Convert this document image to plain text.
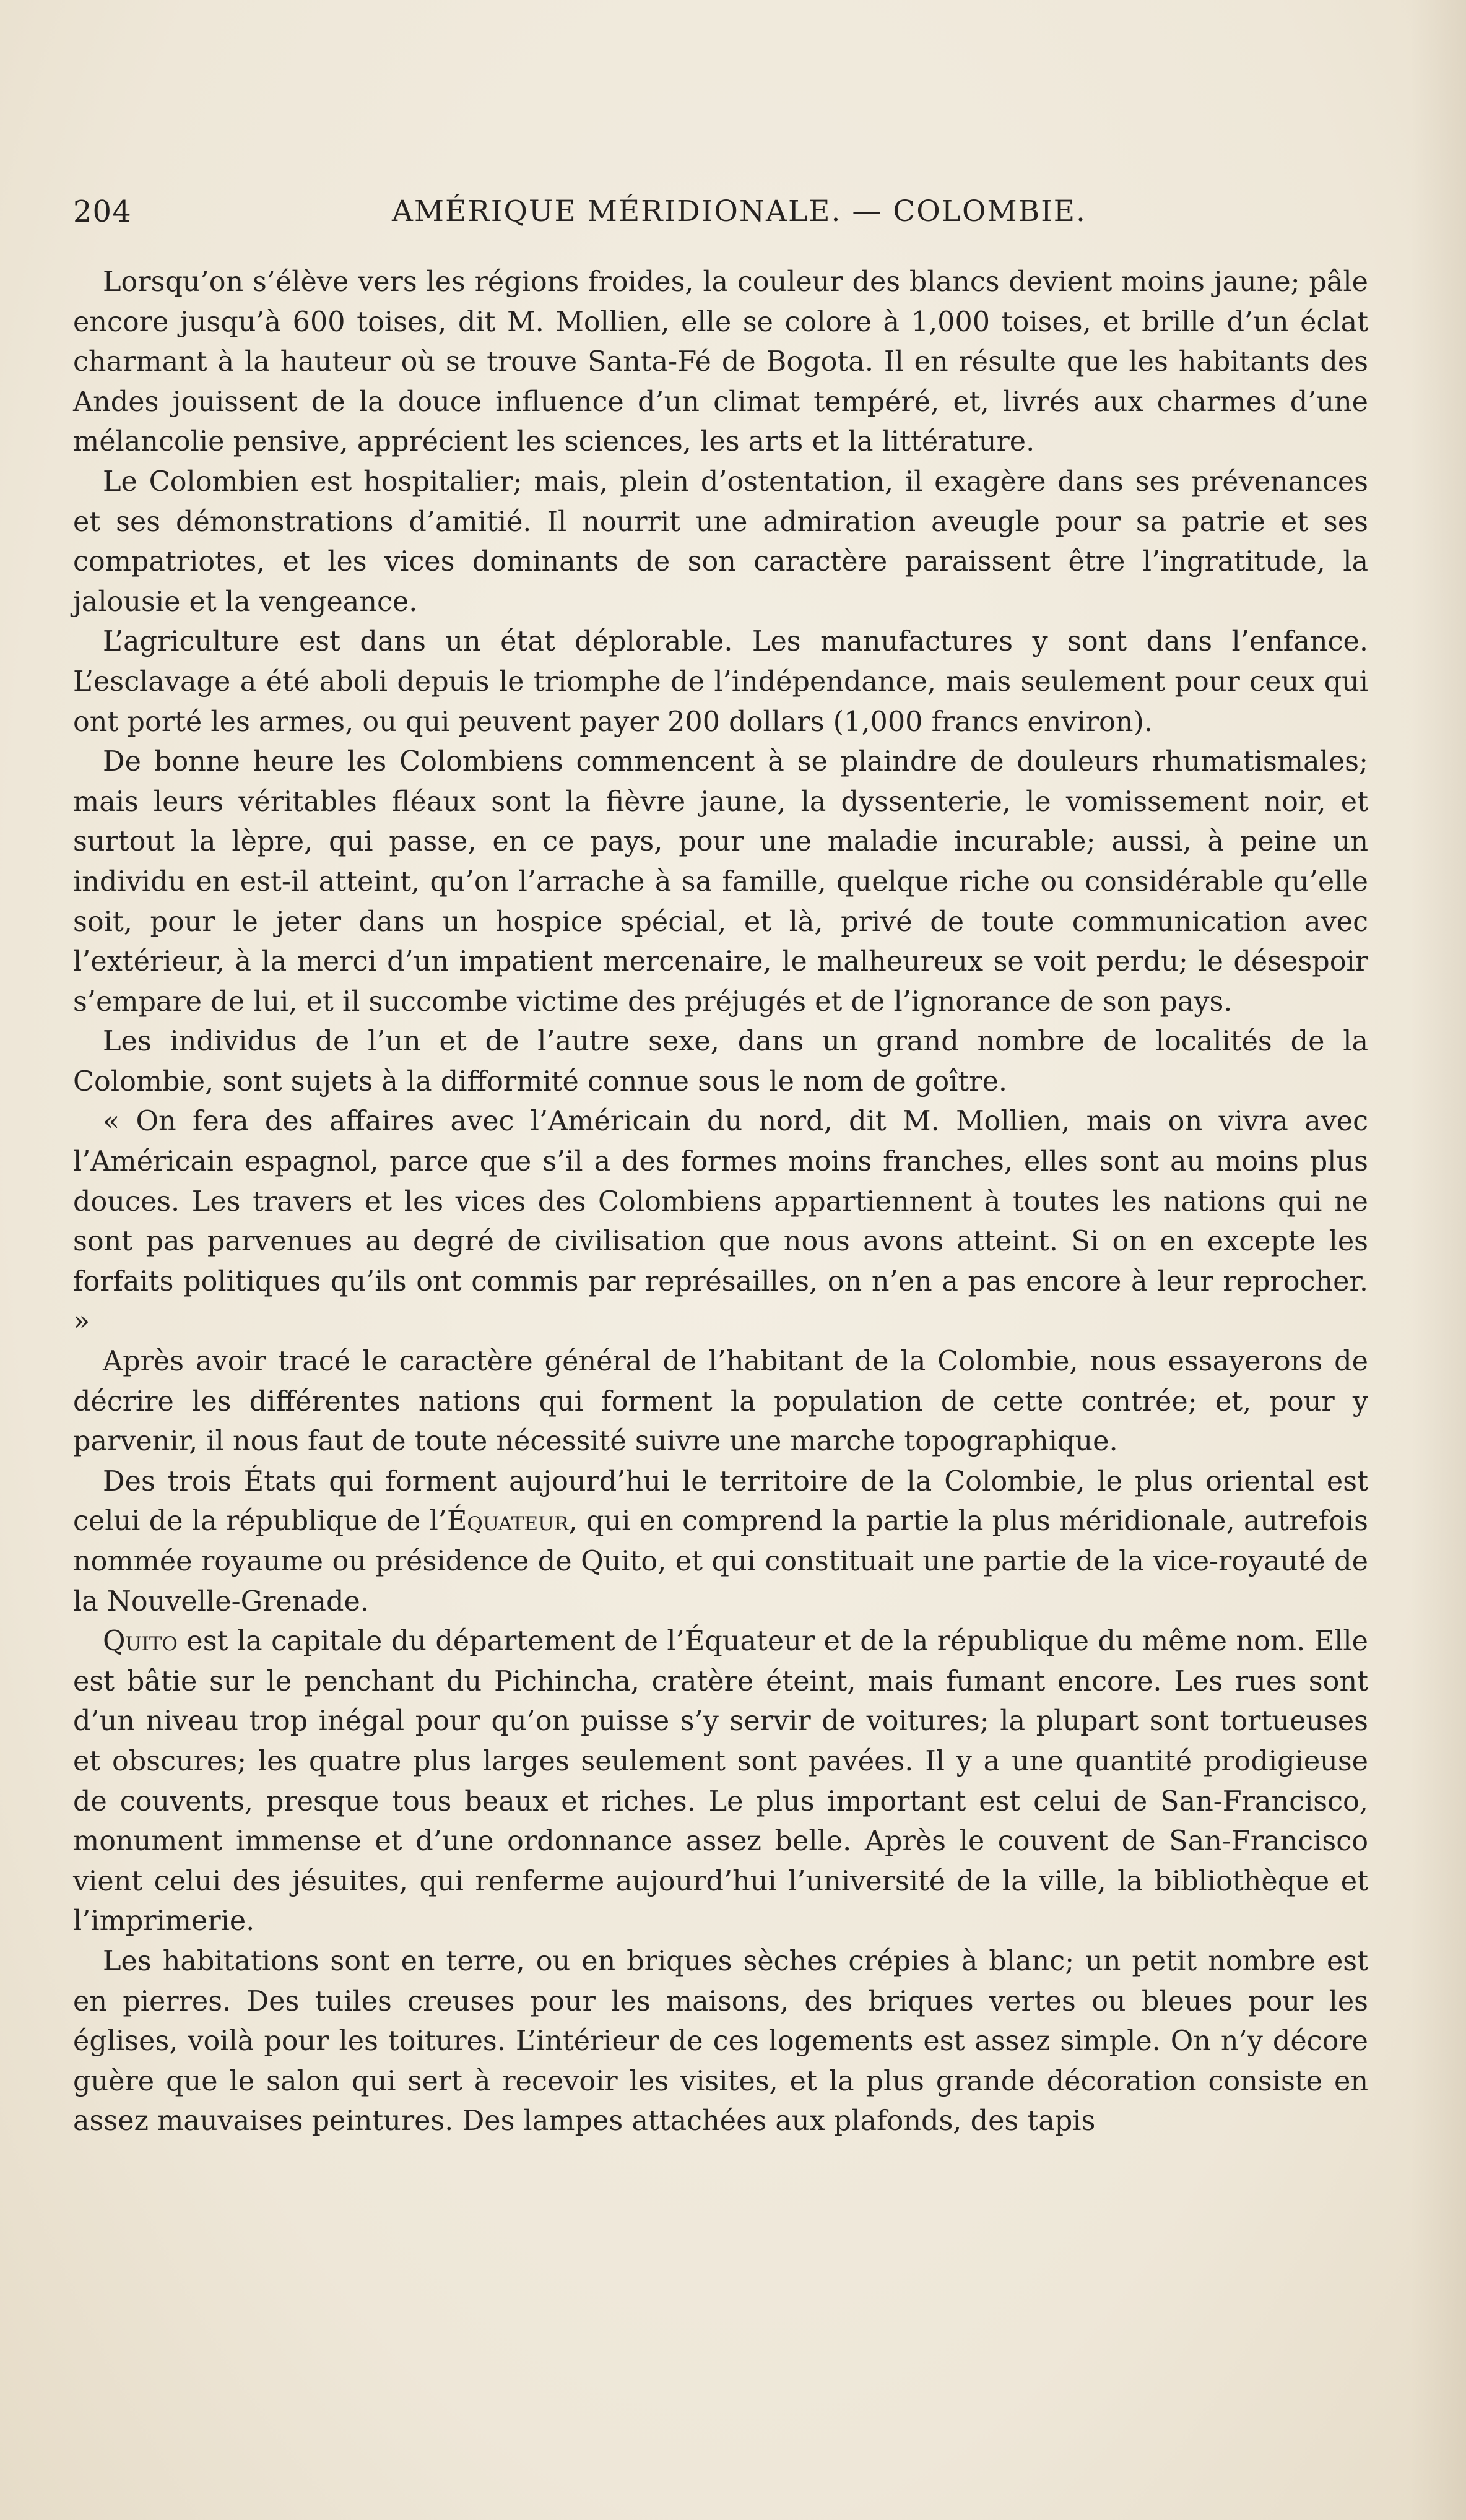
204	AMÉRIQUE MÉRIDIONALE. — COLOMBIE.

Lorsqu’on s’élève vers les régions froides, la couleur des blancs devient moins jaune; pâle encore jusqu’à 600 toises, dit M. Mollien, elle se colore à 1,000 toises, et brille d’un éclat charmant à la hauteur où se trouve Santa-Fé de Bogota. Il en résulte que les habitants des Andes jouissent de la douce influence d’un climat tempéré, et, livrés aux charmes d’une mélancolie pensive, apprécient les sciences, les arts et la littérature.

Le Colombien est hospitalier; mais, plein d’ostentation, il exagère dans ses prévenances et ses démonstrations d’amitié. Il nourrit une admiration aveugle pour sa patrie et ses compatriotes, et les vices dominants de son caractère paraissent être l’ingratitude, la jalousie et la vengeance.

L’agriculture est dans un état déplorable. Les manufactures y sont dans l’enfance. L’esclavage a été aboli depuis le triomphe de l’indépendance, mais seulement pour ceux qui ont porté les armes, ou qui peuvent payer 200 dollars (1,000 francs environ).

De bonne heure les Colombiens commencent à se plaindre de douleurs rhumatismales; mais leurs véritables fléaux sont la fièvre jaune, la dyssenterie, le vomissement noir, et surtout la lèpre, qui passe, en ce pays, pour une maladie incurable; aussi, à peine un individu en est-il atteint, qu’on l’arrache à sa famille, quelque riche ou considérable qu’elle soit, pour le jeter dans un hospice spécial, et là, privé de toute communication avec l’extérieur, à la merci d’un impatient mercenaire, le malheureux se voit perdu; le désespoir s’empare de lui, et il succombe victime des préjugés et de l’ignorance de son pays.

Les individus de l’un et de l’autre sexe, dans un grand nombre de localités de la Colombie, sont sujets à la difformité connue sous le nom de goître.

« On fera des affaires avec l’Américain du nord, dit M. Mollien, mais on vivra avec l’Américain espagnol, parce que s’il a des formes moins franches, elles sont au moins plus douces. Les travers et les vices des Colombiens appartiennent à toutes les nations qui ne sont pas parvenues au degré de civilisation que nous avons atteint. Si on en excepte les forfaits politiques qu’ils ont commis par représailles, on n’en a pas encore à leur reprocher. »

Après avoir tracé le caractère général de l’habitant de la Colombie, nous essayerons de décrire les différentes nations qui forment la population de cette contrée; et, pour y parvenir, il nous faut de toute nécessité suivre une marche topographique.

Des trois États qui forment aujourd’hui le territoire de la Colombie, le plus oriental est celui de la république de l’Équateur, qui en comprend la partie la plus méridionale, autrefois nommée royaume ou présidence de Quito, et qui constituait une partie de la vice-royauté de la Nouvelle-Grenade.

Quito est la capitale du département de l’Équateur et de la république du même nom. Elle est bâtie sur le penchant du Pichincha, cratère éteint, mais fumant encore. Les rues sont d’un niveau trop inégal pour qu’on puisse s’y servir de voitures; la plupart sont tortueuses et obscures; les quatre plus larges seulement sont pavées. Il y a une quantité prodigieuse de couvents, presque tous beaux et riches. Le plus important est celui de San-Francisco, monument immense et d’une ordonnance assez belle. Après le couvent de San-Francisco vient celui des jésuites, qui renferme aujourd’hui l’université de la ville, la bibliothèque et l’imprimerie.

Les habitations sont en terre, ou en briques sèches crépies à blanc; un petit nombre est en pierres. Des tuiles creuses pour les maisons, des briques vertes ou bleues pour les églises, voilà pour les toitures. L’intérieur de ces logements est assez simple. On n’y décore guère que le salon qui sert à recevoir les visites, et la plus grande décoration consiste en assez mauvaises peintures. Des lampes attachées aux plafonds, des tapis
